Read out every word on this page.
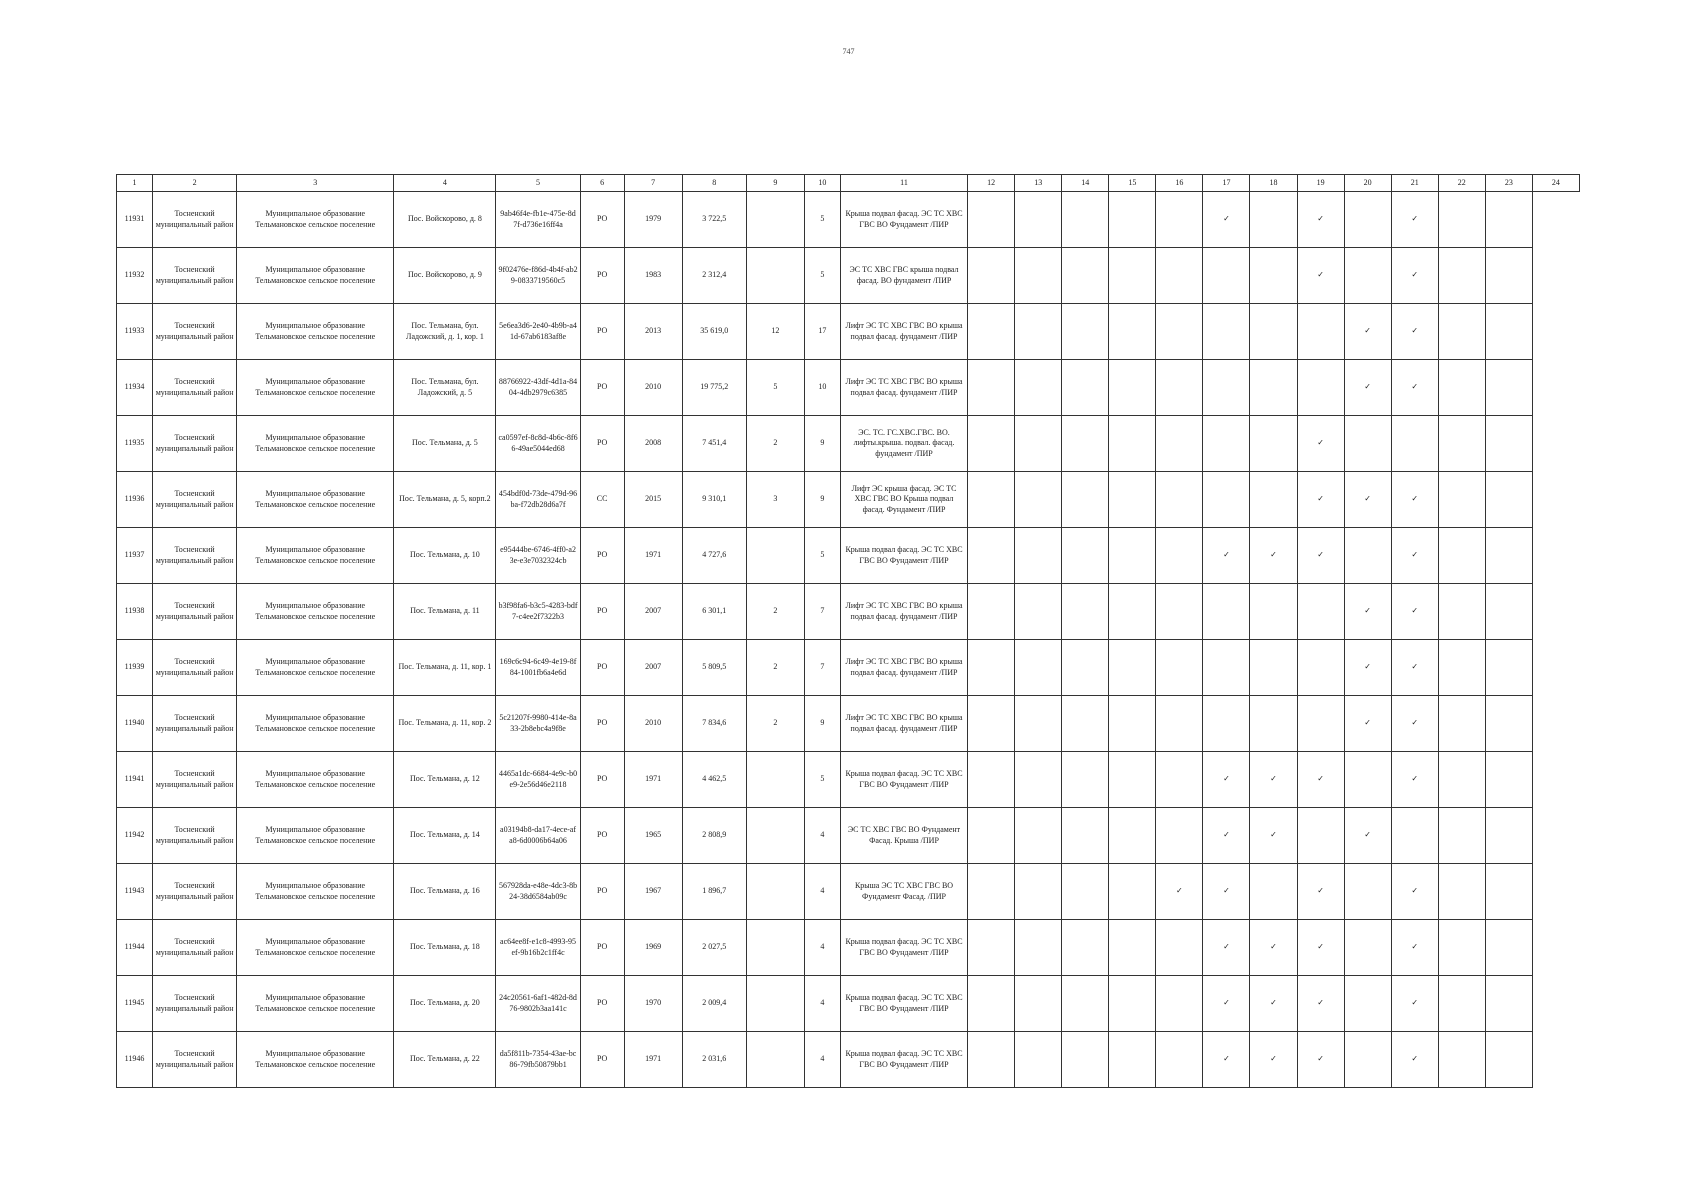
747
1	2	3	4	5	6	7	8	9	10	11	12	13	14	15	16	17	18	19	20	21	22	23	24
11931	Тосненский муниципальный район	Муниципальное образование Тельмановское сельское поселение	Пос. Войскорово, д. 8	9ab46f4e-fb1e-475e-8d7f-d736e16ff4a	РО	1979	3 722,5		5	Крыша подвал фасад. ЭС ТС ХВС ГВС ВО Фундамент /ПИР						✓		✓		✓			
11932	Тосненский муниципальный район	Муниципальное образование Тельмановское сельское поселение	Пос. Войскорово, д. 9	9f02476e-f86d-4b4f-ab29-0833719560c5	РО	1983	2 312,4		5	ЭС ТС ХВС ГВС крыша подвал фасад. ВО фундамент /ПИР								✓		✓			
11933	Тосненский муниципальный район	Муниципальное образование Тельмановское сельское поселение	Пос. Тельмана, бул. Ладожский, д. 1, кор. 1	5e6ea3d6-2e40-4b9b-a41d-67ab6183af8e	РО	2013	35 619,0	12	17	Лифт ЭС ТС ХВС ГВС ВО крыша подвал фасад. фундамент /ПИР									✓	✓			
11934	Тосненский муниципальный район	Муниципальное образование Тельмановское сельское поселение	Пос. Тельмана, бул. Ладожский, д. 5	88766922-43df-4d1a-8404-4db2979c6385	РО	2010	19 775,2	5	10	Лифт ЭС ТС ХВС ГВС ВО крыша подвал фасад. фундамент /ПИР									✓	✓			
11935	Тосненский муниципальный район	Муниципальное образование Тельмановское сельское поселение	Пос. Тельмана, д. 5	ca0597ef-8c8d-4b6c-8f66-49ae5044ed68	РО	2008	7 451,4	2	9	ЭС. ТС. ГС.ХВС.ГВС. ВО. лифты.крыша. подвал. фасад. фундамент /ПИР								✓					
11936	Тосненский муниципальный район	Муниципальное образование Тельмановское сельское поселение	Пос. Тельмана, д. 5, корп.2	454bdf0d-73de-479d-96ba-f72db28d6a7f	СС	2015	9 310,1	3	9	Лифт ЭС крыша фасад. ЭС ТС ХВС ГВС ВО Крыша подвал фасад. Фундамент /ПИР								✓	✓	✓			
11937	Тосненский муниципальный район	Муниципальное образование Тельмановское сельское поселение	Пос. Тельмана, д. 10	e95444be-6746-4ff0-a23e-e3e7032324cb	РО	1971	4 727,6		5	Крыша подвал фасад. ЭС ТС ХВС ГВС ВО Фундамент /ПИР						✓	✓	✓		✓			
11938	Тосненский муниципальный район	Муниципальное образование Тельмановское сельское поселение	Пос. Тельмана, д. 11	b3f98fa6-b3c5-4283-bdf7-c4ee2f7322b3	РО	2007	6 301,1	2	7	Лифт ЭС ТС ХВС ГВС ВО крыша подвал фасад. фундамент /ПИР									✓	✓			
11939	Тосненский муниципальный район	Муниципальное образование Тельмановское сельское поселение	Пос. Тельмана, д. 11, кор. 1	169c6c94-6c49-4e19-8f84-1001fb6a4e6d	РО	2007	5 809,5	2	7	Лифт ЭС ТС ХВС ГВС ВО крыша подвал фасад. фундамент /ПИР									✓	✓			
11940	Тосненский муниципальный район	Муниципальное образование Тельмановское сельское поселение	Пос. Тельмана, д. 11, кор. 2	5c21207f-9980-414e-8a33-2b8ebc4a9f8e	РО	2010	7 834,6	2	9	Лифт ЭС ТС ХВС ГВС ВО крыша подвал фасад. фундамент /ПИР									✓	✓			
11941	Тосненский муниципальный район	Муниципальное образование Тельмановское сельское поселение	Пос. Тельмана, д. 12	4465a1dc-6684-4e9c-b0e9-2e56d46e2118	РО	1971	4 462,5		5	Крыша подвал фасад. ЭС ТС ХВС ГВС ВО Фундамент /ПИР						✓	✓	✓		✓			
11942	Тосненский муниципальный район	Муниципальное образование Тельмановское сельское поселение	Пос. Тельмана, д. 14	a03194b8-da17-4ece-afa8-6d0006b64a06	РО	1965	2 808,9		4	ЭС ТС ХВС ГВС ВО Фундамент Фасад. Крыша /ПИР						✓	✓		✓				
11943	Тосненский муниципальный район	Муниципальное образование Тельмановское сельское поселение	Пос. Тельмана, д. 16	567928da-e48e-4dc3-8b24-38d6584ab09c	РО	1967	1 896,7		4	Крыша ЭС ТС ХВС ГВС ВО Фундамент Фасад. /ПИР					✓	✓		✓		✓			
11944	Тосненский муниципальный район	Муниципальное образование Тельмановское сельское поселение	Пос. Тельмана, д. 18	ac64ee8f-e1c8-4993-95ef-9b16b2c1ff4c	РО	1969	2 027,5		4	Крыша подвал фасад. ЭС ТС ХВС ГВС ВО Фундамент /ПИР						✓	✓	✓		✓			
11945	Тосненский муниципальный район	Муниципальное образование Тельмановское сельское поселение	Пос. Тельмана, д. 20	24c20561-6af1-482d-8d76-9802b3aa141c	РО	1970	2 009,4		4	Крыша подвал фасад. ЭС ТС ХВС ГВС ВО Фундамент /ПИР						✓	✓	✓		✓			
11946	Тосненский муниципальный район	Муниципальное образование Тельмановское сельское поселение	Пос. Тельмана, д. 22	da5f811b-7354-43ae-bc86-79fb50879bb1	РО	1971	2 031,6		4	Крыша подвал фасад. ЭС ТС ХВС ГВС ВО Фундамент /ПИР						✓	✓	✓		✓			
